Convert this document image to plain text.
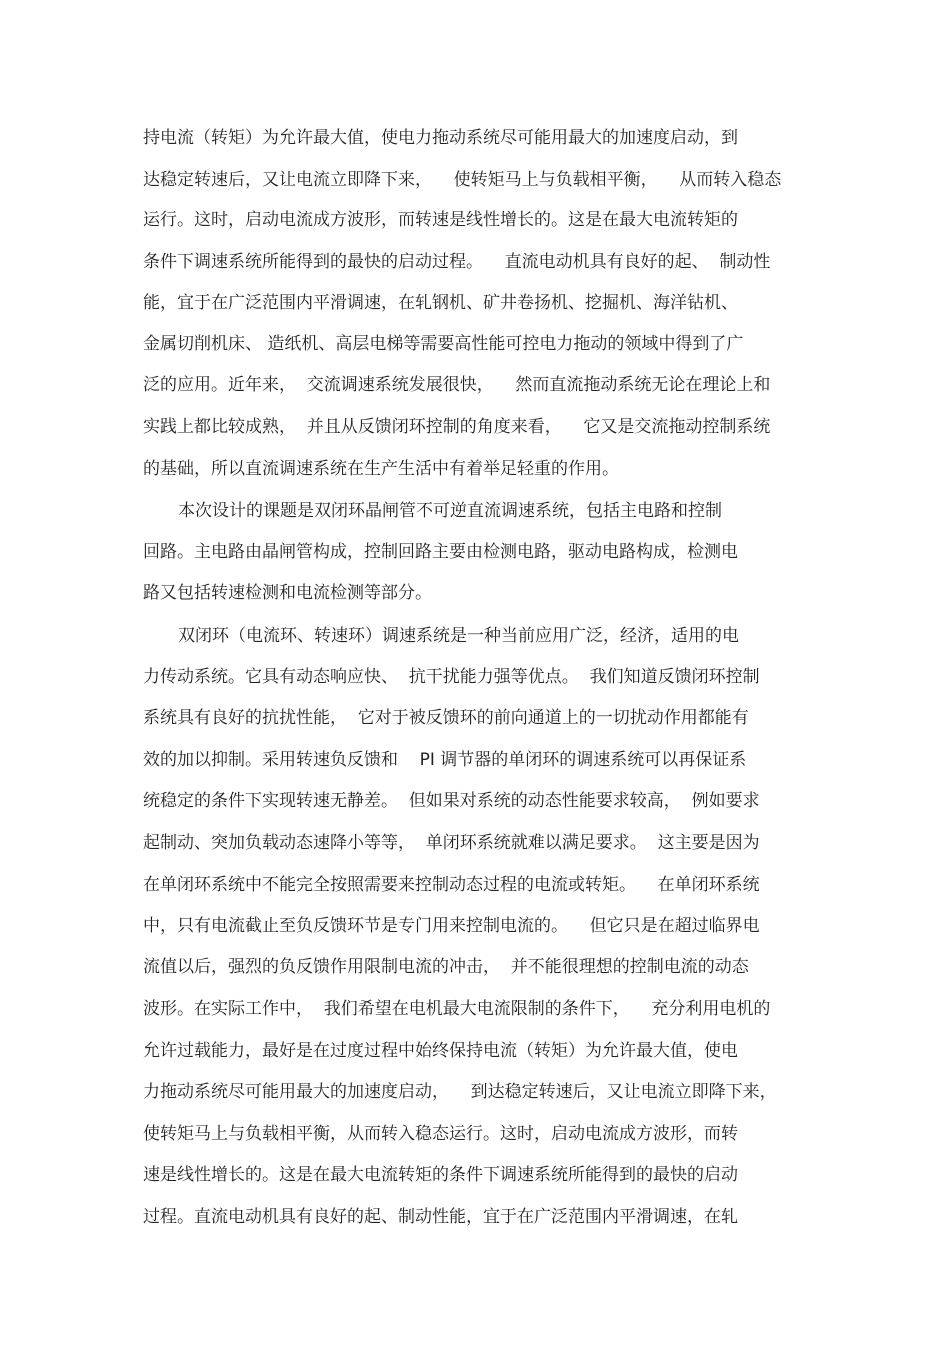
持电流（转矩）为允许最大值，使电力拖动系统尽可能用最大的加速度启动，到
达稳定转速后，又让电流立即降下来，    使转矩马上与负载相平衡，    从而转入稳态
运行。这时，启动电流成方波形，而转速是线性增长的。这是在最大电流转矩的
条件下调速系统所能得到的最快的启动过程。    直流电动机具有良好的起、  制动性
能，宜于在广泛范围内平滑调速，在轧钢机、矿井卷扬机、挖掘机、海洋钻机、
金属切削机床、 造纸机、高层电梯等需要高性能可控电力拖动的领域中得到了广
泛的应用。近年来，  交流调速系统发展很快，    然而直流拖动系统无论在理论上和
实践上都比较成熟，  并且从反馈闭环控制的角度来看，    它又是交流拖动控制系统
的基础，所以直流调速系统在生产生活中有着举足轻重的作用。
本次设计的课题是双闭环晶闸管不可逆直流调速系统，包括主电路和控制
回路。主电路由晶闸管构成，控制回路主要由检测电路，驱动电路构成，检测电
路又包括转速检测和电流检测等部分。
双闭环（电流环、转速环）调速系统是一种当前应用广泛，经济，适用的电
力传动系统。它具有动态响应快、  抗干扰能力强等优点。  我们知道反馈闭环控制
系统具有良好的抗扰性能，  它对于被反馈环的前向通道上的一切扰动作用都能有
效的加以抑制。采用转速负反馈和    PI 调节器的单闭环的调速系统可以再保证系
统稳定的条件下实现转速无静差。  但如果对系统的动态性能要求较高，  例如要求
起制动、突加负载动态速降小等等，  单闭环系统就难以满足要求。  这主要是因为
在单闭环系统中不能完全按照需要来控制动态过程的电流或转矩。    在单闭环系统
中，只有电流截止至负反馈环节是专门用来控制电流的。    但它只是在超过临界电
流值以后，强烈的负反馈作用限制电流的冲击，  并不能很理想的控制电流的动态
波形。在实际工作中，  我们希望在电机最大电流限制的条件下，    充分利用电机的
允许过载能力，最好是在过度过程中始终保持电流（转矩）为允许最大值，使电
力拖动系统尽可能用最大的加速度启动，    到达稳定转速后，又让电流立即降下来，
使转矩马上与负载相平衡，从而转入稳态运行。这时，启动电流成方波形，而转
速是线性增长的。这是在最大电流转矩的条件下调速系统所能得到的最快的启动
过程。直流电动机具有良好的起、制动性能，宜于在广泛范围内平滑调速，在轧
